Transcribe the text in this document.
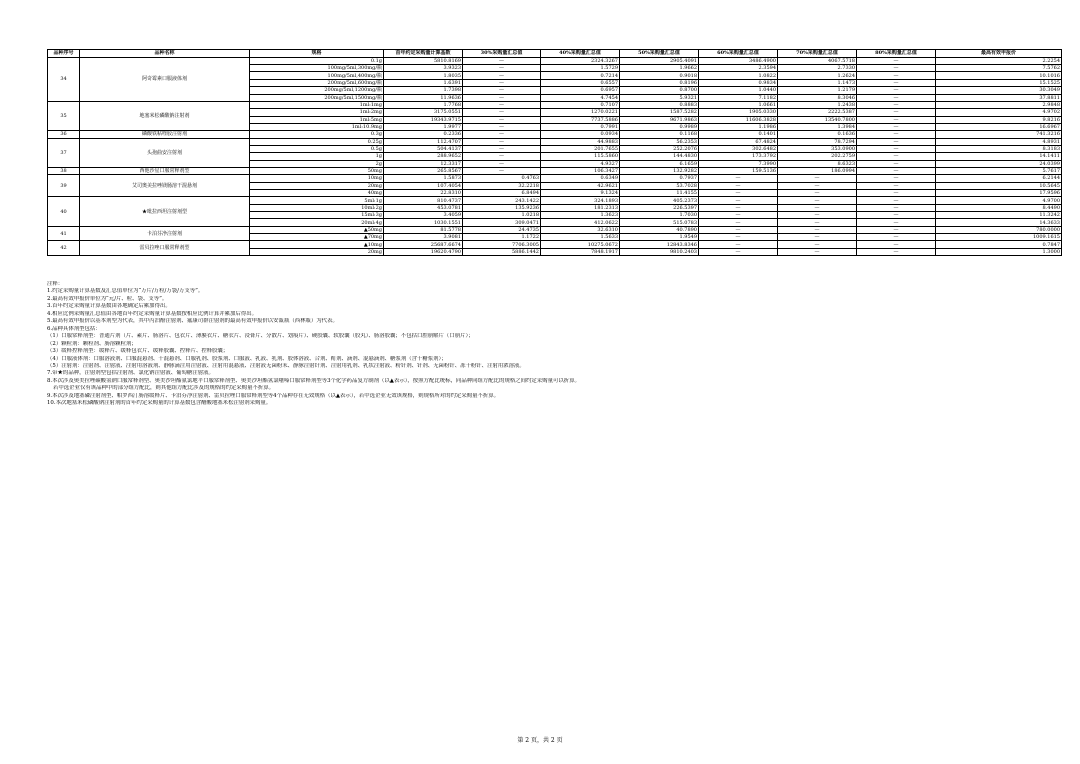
品种序号	品种名称	规格	首年约定采购量计算基数	30%采购量汇总值	40%采购量汇总值	50%采购量汇总值	60%采购量汇总值	70%采购量汇总值	80%采购量汇总值	最高有效申报价
34	阿奇霉素口服液体剂	0.1g	5810.8169	—	2324.3267	2905.4091	3486.4900	4067.5718	—	2.2254
		100mg/5ml,300mg/瓶	3.9323	—	1.5729	1.9662	2.3594	2.7330	—	7.5762
		100mg/5ml,400mg/瓶	1.8035	—	0.7214	0.9018	1.0822	1.2624	—	10.1016
		200mg/5ml,600mg/瓶	1.6391	—	0.6557	0.8196	0.9834	1.1473	—	15.1525
		200mg/5ml,1200mg/瓶	1.7398	—	0.6957	0.8700	1.0440	1.2179	—	30.3049
		200mg/5ml,1500mg/瓶	11.9636	—	4.7454	5.9321	7.1182	8.3046	—	37.8811
35	地塞米松磷酸钠注射剂	1ml:1mg	1.7768	—	0.7107	0.8883	1.0661	1.2438	—	2.9848
		1ml:2mg	3175.0551	—	1270.0221	1587.5282	1905.0330	2222.5387	—	4.9702
		1ml:5mg	19343.9715	—	7737.5886	9671.9863	11606.3828	13540.7800	—	9.8216
		1ml:10.9mg	1.9977	—	0.7991	0.9989	1.1986	1.3984	—	16.6967
36	磷酸铁粘喹胶注射剂	0.3g	0.2336	—	0.0934	0.1168	0.1401	0.1636	—	741.3216
37	头孢曲安注射剂	0.25g	112.4707	—	44.9883	56.2353	67.4824	78.7294	—	4.8931
		0.5g	504.4137	—	201.7655	252.2076	302.6482	353.0900	—	8.3183
		1g	288.9652	—	115.5860	144.4830	173.3792	202.2759	—	14.1411
		2g	12.3317	—	4.9327	6.1659	7.3990	8.6323	—	24.0399
38	西他沙星口服常释剂型	50mg	265.8567	—	106.3427	132.9282	159.5136	186.0994	—	5.7617
39	艾司奥美拉唑镁肠溶干混悬剂	10mg	1.5873	0.4763	0.6349	0.7937	—	—	—	6.2144
		20mg	107.4054	32.2218	42.9621	53.7028	—	—	—	10.5645
		40mg	22.8310	6.8494	9.1324	11.4155	—	—	—	17.9596
40	★吡拉西坦注射剂型	5ml:1g	810.4737	243.1422	324.1893	405.2373	—	—	—	4.9700
		10ml:2g	453.0781	135.9236	181.2313	226.5397	—	—	—	8.4490
		15ml:3g	3.4059	1.0218	1.3623	1.7030	—	—	—	11.3242
		20ml:4g	1030.1551	309.0471	412.0622	515.0783	—	—	—	14.3633
41	卡泊芬净注射剂	▲50mg	81.5778	24.4735	32.6310	40.7890	—	—	—	780.0000
		▲70mg	3.9081	1.1722	1.5633	1.9549	—	—	—	1009.1615
42	雷贝拉唑口服常释剂型	▲10mg	25687.6674	7706.3005	10275.0672	12843.8346	—	—	—	0.7847
		20mg	19620.4790	5886.1442	7848.1917	9810.2403	—	—	—	1.3000
注释：
1.约定采购量计算基数及汇总值单位为“万片/万粒/万袋/万支等”。
2.最高有效申报价单位为“元/片、粒、袋、支等”。
3.首年约定采购量计算基数由各地确定后累加得出。
4.相应比例采购量汇总值由各地首年约定采购量计算基数按相应比例计算并累加后得出。
5.最高有效申报价以基本剂型为代表，其中丙泊酚注射剂、氟康司群注射剂的最高有效申报价以安瓿瓶（西林瓶）为代表。
6.品种具体剂型包括：
（1）口服常释剂型：普通片剂（片、素片、肠溶片、包衣片、薄膜衣片、糖衣片、浸膏片、分散片、划痕片）、硬胶囊、软胶囊（胶丸）、肠溶胶囊；不包括口腔崩解片（口崩片）；
（2）颗粒剂：颗粒剂、肠溶颗粒剂；
（3）缓释控释剂型：缓释片、缓释包衣片、缓释胶囊、控释片、控释胶囊；
（4）口服液体剂：口服溶液剂、口服混悬剂、干混悬剂、口服乳剂、胶浆剂、口服液、乳液、乳剂、胶体溶液、合剂、酊剂、滴剂、混悬滴剂、糖浆剂（含干糖浆剂）；
（5）注射剂：注射剂、注射液、注射用溶液剂、静脉滴注用注射液、注射用混悬液、注射液无菌粉末、静脉注射针剂、注射用乳剂、乳状注射液、粉针剂、针剂、无菌粉针、冻干粉针、注射用浓溶液。
7.带★的品种，注射剂型包括注射剂、氯化钠注射液、葡萄糖注射液。
8.本次涉及奥美拉唑碳酸氢钠口服常释剂型、奥美沙坦酯氨氯地平口服常释剂型、奥美沙坦酯氢氯噻嗪口服常释剂型等3个化学药品复方制剂（以▲表示），按照方配比统标，同品种同组方配比的规格之间约定采购量可以折算。
若中选企业仅有该品种中的部分组方配比，则其他组方配比涉及的规格的约定采购量不折算。
9.本次涉及地塞磷注射剂型、帕罗西汀肠溶缓释片、卡泊芬净注射剂、雷贝拉唑口服常释剂型等4个品种存在无效规格（以▲表示），若中选企业无效该规格，则规格所对的约定采购量不折算。
10.本次地塞米松磷酸钠注射剂的首年约定采购量的计算基数包含醋酸地塞米松注射剂采购量。
第 2 页，共 2 页
